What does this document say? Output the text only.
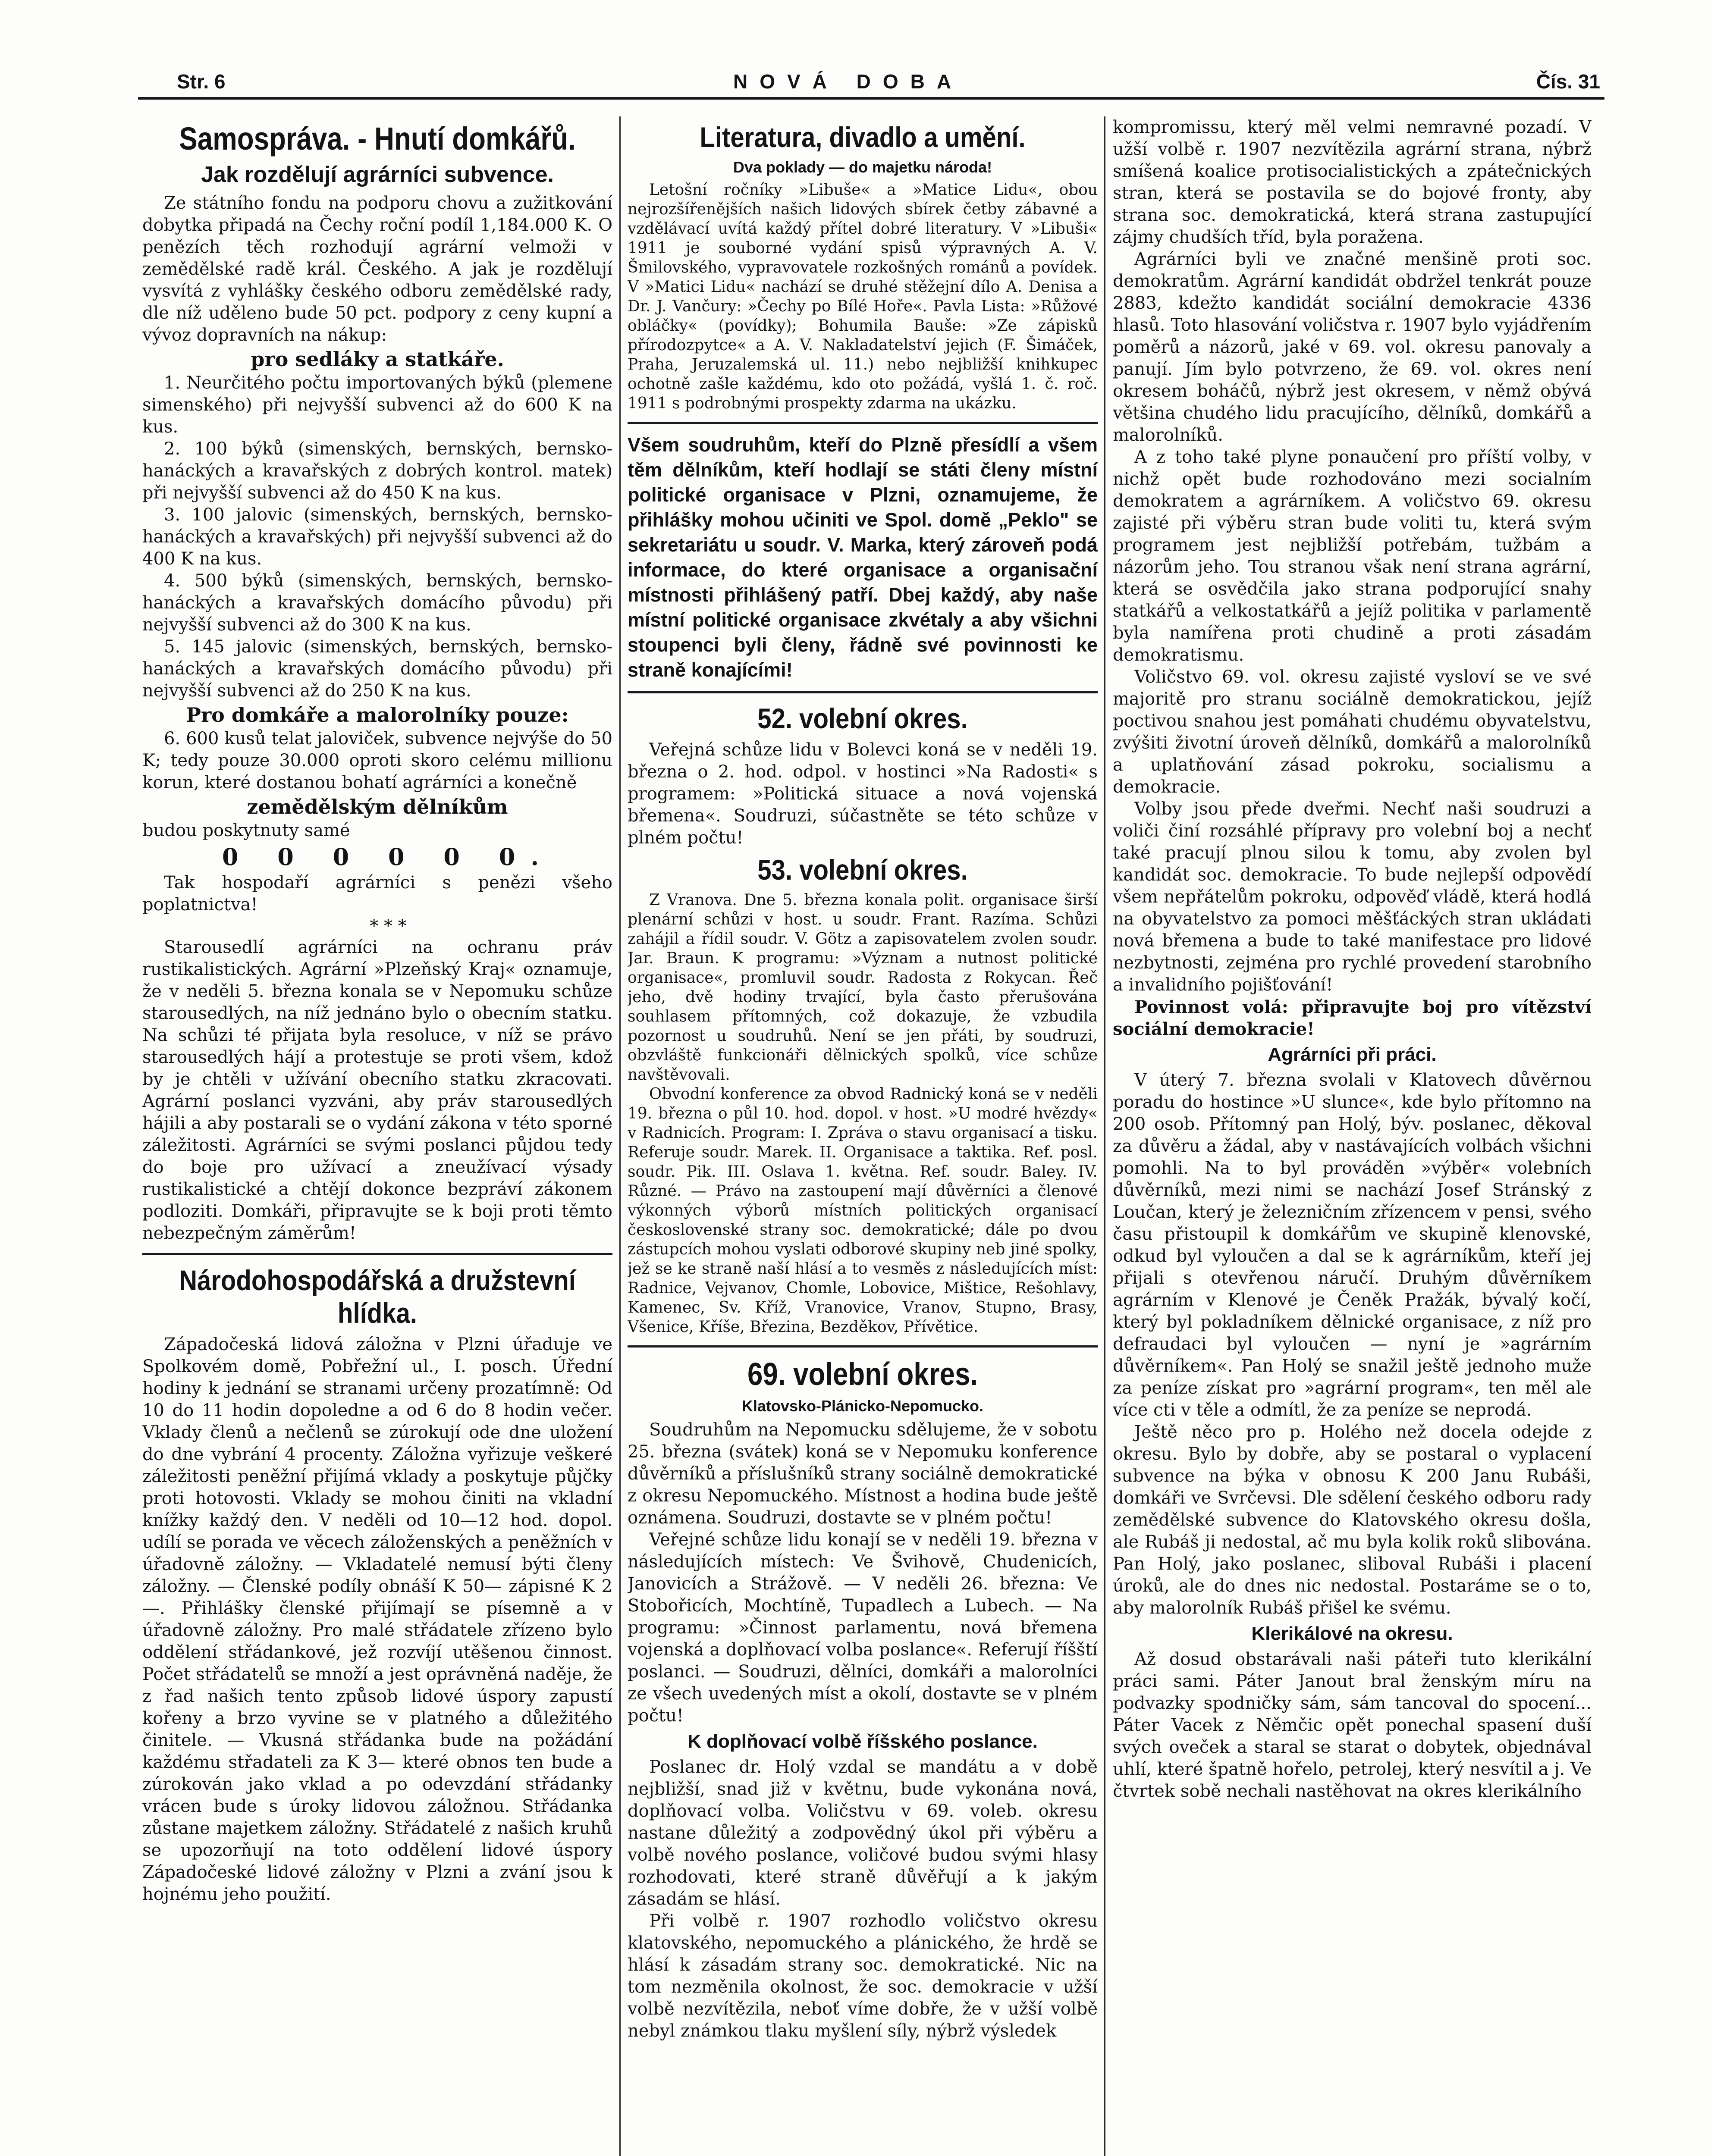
Str. 6	NOVÁ DOBA	Čís. 31
Samospráva. - Hnutí domkářů.
Jak rozdělují agrárníci subvence.

Ze státního fondu na podporu chovu a zužitkování dobytka připadá na Čechy roční podíl 1,184.000 K. O penězích těch rozhodují agrární velmoži v zemědělské radě král. Českého. A jak je rozdělují vysvítá z vyhlášky českého odboru zemědělské rady, dle níž uděleno bude 50 pct. podpory z ceny kupní a vývoz dopravních na nákup:

pro sedláky a statkáře.

1. Neurčitého počtu importovaných býků (plemene simenského) při nejvyšší subvenci až do 600 K na kus.

2. 100 býků (simenských, bernských, bernsko-hanáckých a kravařských z dobrých kontrol. matek) při nejvyšší subvenci až do 450 K na kus.

3. 100 jalovic (simenských, bernských, bernsko-hanáckých a kravařských) při nejvyšší subvenci až do 400 K na kus.

4. 500 býků (simenských, bernských, bernsko-hanáckých a kravařských domácího původu) při nejvyšší subvenci až do 300 K na kus.

5. 145 jalovic (simenských, bernských, bernsko-hanáckých a kravařských domácího původu) při nejvyšší subvenci až do 250 K na kus.

Pro domkáře a malorolníky pouze:

6. 600 kusů telat jaloviček, subvence nejvýše do 50 K; tedy pouze 30.000 oproti skoro celému millionu korun, které dostanou bohatí agrárníci a konečně

zemědělským dělníkům

budou poskytnuty samé

0 0 0 0 0 0.

Tak hospodaří agrárníci s penězi všeho poplatnictva!

* * *

Starousedlí agrárníci na ochranu práv rustikalistických. Agrární »Plzeňský Kraj« oznamuje, že v neděli 5. března konala se v Nepomuku schůze starousedlých, na níž jednáno bylo o obecním statku. Na schůzi té přijata byla resoluce, v níž se právo starousedlých hájí a protestuje se proti všem, kdož by je chtěli v užívání obecního statku zkracovati. Agrární poslanci vyzváni, aby práv starousedlých hájili a aby postarali se o vydání zákona v této sporné záležitosti. Agrárníci se svými poslanci půjdou tedy do boje pro užívací a zneužívací výsady rustikalistické a chtějí dokonce bezpráví zákonem podloziti. Domkáři, připravujte se k boji proti těmto nebezpečným záměrům!

Národohospodářská a družstevní hlídka.

Západočeská lidová záložna v Plzni úřaduje ve Spolkovém domě, Pobřežní ul., I. posch. Úřední hodiny k jednání se stranami určeny prozatímně: Od 10 do 11 hodin dopoledne a od 6 do 8 hodin večer. Vklady členů a nečlenů se zúrokují ode dne uložení do dne vybrání 4 procenty. Záložna vyřizuje veškeré záležitosti peněžní přijímá vklady a poskytuje půjčky proti hotovosti. Vklady se mohou činiti na vkladní knížky každý den. V neděli od 10—12 hod. dopol. udílí se porada ve věcech záloženských a peněžních v úřadovně záložny. — Vkladatelé nemusí býti členy záložny. — Členské podíly obnáší K 50— zápisné K 2—. Přihlášky členské přijímají se písemně a v úřadovně záložny. Pro malé střádatele zřízeno bylo oddělení střádankové, jež rozvíjí utěšenou činnost. Počet střádatelů se množí a jest oprávněná naděje, že z řad našich tento způsob lidové úspory zapustí kořeny a brzo vyvine se v platného a důležitého činitele. — Vkusná střádanka bude na požádání každému střadateli za K 3— které obnos ten bude a zúrokován jako vklad a po odevzdání střádanky vrácen bude s úroky lidovou záložnou. Střádanka zůstane majetkem záložny. Střádatelé z našich kruhů se upozorňují na toto oddělení lidové úspory Západočeské lidové záložny v Plzni a zvání jsou k hojnému jeho použití.

Literatura, divadlo a umění.
Dva poklady — do majetku národa!

Letošní ročníky »Libuše« a »Matice Lidu«, obou nejrozšířenějších našich lidových sbírek četby zábavné a vzdělávací uvítá každý přítel dobré literatury. V »Libuši« 1911 je souborné vydání spisů výpravných A. V. Šmilovského, vypravovatele rozkošných románů a povídek. V »Matici Lidu« nachází se druhé stěžejní dílo A. Denisa a Dr. J. Vančury: »Čechy po Bílé Hoře«. Pavla Lista: »Růžové obláčky« (povídky); Bohumila Bauše: »Ze zápisků přírodozpytce« a A. V. Nakladatelství jejich (F. Šimáček, Praha, Jeruzalemská ul. 11.) nebo nejbližší knihkupec ochotně zašle každému, kdo oto požádá, vyšlá 1. č. roč. 1911 s podrobnými prospekty zdarma na ukázku.

Všem soudruhům, kteří do Plzně přesídlí a všem těm dělníkům, kteří hodlají se státi členy místní politické organisace v Plzni, oznamujeme, že přihlášky mohou učiniti ve Spol. domě „Peklo" se sekretariátu u soudr. V. Marka, který zároveň podá informace, do které organisace a organisační místnosti přihlášený patří. Dbej každý, aby naše místní politické organisace zkvétaly a aby všichni stoupenci byli členy, řádně své povinnosti ke straně konajícími!

52. volební okres.

Veřejná schůze lidu v Bolevci koná se v neděli 19. března o 2. hod. odpol. v hostinci »Na Radosti« s programem: »Politická situace a nová vojenská břemena«. Soudruzi, súčastněte se této schůze v plném počtu!

53. volební okres.

Z Vranova. Dne 5. března konala polit. organisace širší plenární schůzi v host. u soudr. Frant. Razíma. Schůzi zahájil a řídil soudr. V. Götz a zapisovatelem zvolen soudr. Jar. Braun. K programu: »Význam a nutnost politické organisace«, promluvil soudr. Radosta z Rokycan. Řeč jeho, dvě hodiny trvající, byla často přerušována souhlasem přítomných, což dokazuje, že vzbudila pozornost u soudruhů. Není se jen přáti, by soudruzi, obzvláště funkcionáři dělnických spolků, více schůze navštěvovali.

Obvodní konference za obvod Radnický koná se v neděli 19. března o půl 10. hod. dopol. v host. »U modré hvězdy« v Radnicích. Program: I. Zpráva o stavu organisací a tisku. Referuje soudr. Marek. II. Organisace a taktika. Ref. posl. soudr. Pik. III. Oslava 1. května. Ref. soudr. Baley. IV. Různé. — Právo na zastoupení mají důvěrníci a členové výkonných výborů místních politických organisací československé strany soc. demokratické; dále po dvou zástupcích mohou vyslati odborové skupiny neb jiné spolky, jež se ke straně naší hlásí a to vesměs z následujících míst: Radnice, Vejvanov, Chomle, Lobovice, Mištice, Rešohlavy, Kamenec, Sv. Kříž, Vranovice, Vranov, Stupno, Brasy, Všenice, Kříše, Březina, Bezděkov, Přívětice.

69. volební okres.
Klatovsko-Plánicko-Nepomucko.

Soudruhům na Nepomucku sdělujeme, že v sobotu 25. března (svátek) koná se v Nepomuku konference důvěrníků a příslušníků strany sociálně demokratické z okresu Nepomuckého. Místnost a hodina bude ještě oznámena. Soudruzi, dostavte se v plném počtu!

Veřejné schůze lidu konají se v neděli 19. března v následujících místech: Ve Švihově, Chudenicích, Janovicích a Strážově. — V neděli 26. března: Ve Stobořicích, Mochtíně, Tupadlech a Lubech. — Na programu: »Činnost parlamentu, nová břemena vojenská a doplňovací volba poslance«. Referují říšští poslanci. — Soudruzi, dělníci, domkáři a malorolníci ze všech uvedených míst a okolí, dostavte se v plném počtu!

K doplňovací volbě říšského poslance.

Poslanec dr. Holý vzdal se mandátu a v době nejbližší, snad již v květnu, bude vykonána nová, doplňovací volba. Voličstvu v 69. voleb. okresu nastane důležitý a zodpovědný úkol při výběru a volbě nového poslance, voličové budou svými hlasy rozhodovati, které straně důvěřují a k jakým zásadám se hlásí.

Při volbě r. 1907 rozhodlo voličstvo okresu klatovského, nepomuckého a plánického, že hrdě se hlásí k zásadám strany soc. demokratické. Nic na tom nezměnila okolnost, že soc. demokracie v užší volbě nezvítězila, neboť víme dobře, že v užší volbě nebyl známkou tlaku myšlení síly, nýbrž výsledek

kompromissu, který měl velmi nemravné pozadí. V užší volbě r. 1907 nezvítězila agrární strana, nýbrž smíšená koalice protisocialistických a zpátečnických stran, která se postavila se do bojové fronty, aby strana soc. demokratická, která strana zastupující zájmy chudších tříd, byla poražena.

Agrárníci byli ve značné menšině proti soc. demokratům. Agrární kandidát obdržel tenkrát pouze 2883, kdežto kandidát sociální demokracie 4336 hlasů. Toto hlasování voličstva r. 1907 bylo vyjádřením poměrů a názorů, jaké v 69. vol. okresu panovaly a panují. Jím bylo potvrzeno, že 69. vol. okres není okresem boháčů, nýbrž jest okresem, v němž obývá většina chudého lidu pracujícího, dělníků, domkářů a malorolníků.

A z toho také plyne ponaučení pro příští volby, v nichž opět bude rozhodováno mezi socialním demokratem a agrárníkem. A voličstvo 69. okresu zajisté při výběru stran bude voliti tu, která svým programem jest nejbližší potřebám, tužbám a názorům jeho. Tou stranou však není strana agrární, která se osvědčila jako strana podporující snahy statkářů a velkostatkářů a jejíž politika v parlamentě byla namířena proti chudině a proti zásadám demokratismu.

Voličstvo 69. vol. okresu zajisté vysloví se ve své majoritě pro stranu sociálně demokratickou, jejíž poctivou snahou jest pomáhati chudému obyvatelstvu, zvýšiti životní úroveň dělníků, domkářů a malorolníků a uplatňování zásad pokroku, socialismu a demokracie.

Volby jsou přede dveřmi. Nechť naši soudruzi a voliči činí rozsáhlé přípravy pro volební boj a nechť také pracují plnou silou k tomu, aby zvolen byl kandidát soc. demokracie. To bude nejlepší odpovědí všem nepřátelům pokroku, odpověď vládě, která hodlá na obyvatelstvo za pomoci měšťáckých stran ukládati nová břemena a bude to také manifestace pro lidové nezbytnosti, zejména pro rychlé provedení starobního a invalidního pojišťování!

Povinnost volá: připravujte boj pro vítězství sociální demokracie!

Agrárníci při práci.

V úterý 7. března svolali v Klatovech důvěrnou poradu do hostince »U slunce«, kde bylo přítomno na 200 osob. Přítomný pan Holý, býv. poslanec, děkoval za důvěru a žádal, aby v nastávajících volbách všichni pomohli. Na to byl prováděn »výběr« volebních důvěrníků, mezi nimi se nachází Josef Stránský z Loučan, který je železničním zřízencem v pensi, svého času přistoupil k domkářům ve skupině klenovské, odkud byl vyloučen a dal se k agrárníkům, kteří jej přijali s otevřenou náručí. Druhým důvěrníkem agrárním v Klenové je Čeněk Pražák, bývalý kočí, který byl pokladníkem dělnické organisace, z níž pro defraudaci byl vyloučen — nyní je »agrárním důvěrníkem«. Pan Holý se snažil ještě jednoho muže za peníze získat pro »agrární program«, ten měl ale více cti v těle a odmítl, že za peníze se neprodá.

Ještě něco pro p. Holého než docela odejde z okresu. Bylo by dobře, aby se postaral o vyplacení subvence na býka v obnosu K 200 Janu Rubáši, domkáři ve Svrčevsi. Dle sdělení českého odboru rady zemědělské subvence do Klatovského okresu došla, ale Rubáš ji nedostal, ač mu byla kolik roků slibována. Pan Holý, jako poslanec, sliboval Rubáši i placení úroků, ale do dnes nic nedostal. Postaráme se o to, aby malorolník Rubáš přišel ke svému.

Klerikálové na okresu.

Až dosud obstarávali naši páteři tuto klerikální práci sami. Páter Janout bral ženským míru na podvazky spodničky sám, sám tancoval do spocení... Páter Vacek z Němčic opět ponechal spasení duší svých oveček a staral se starat o dobytek, objednával uhlí, které špatně hořelo, petrolej, který nesvítil a j. Ve čtvrtek sobě nechali nastěhovat na okres klerikálního
